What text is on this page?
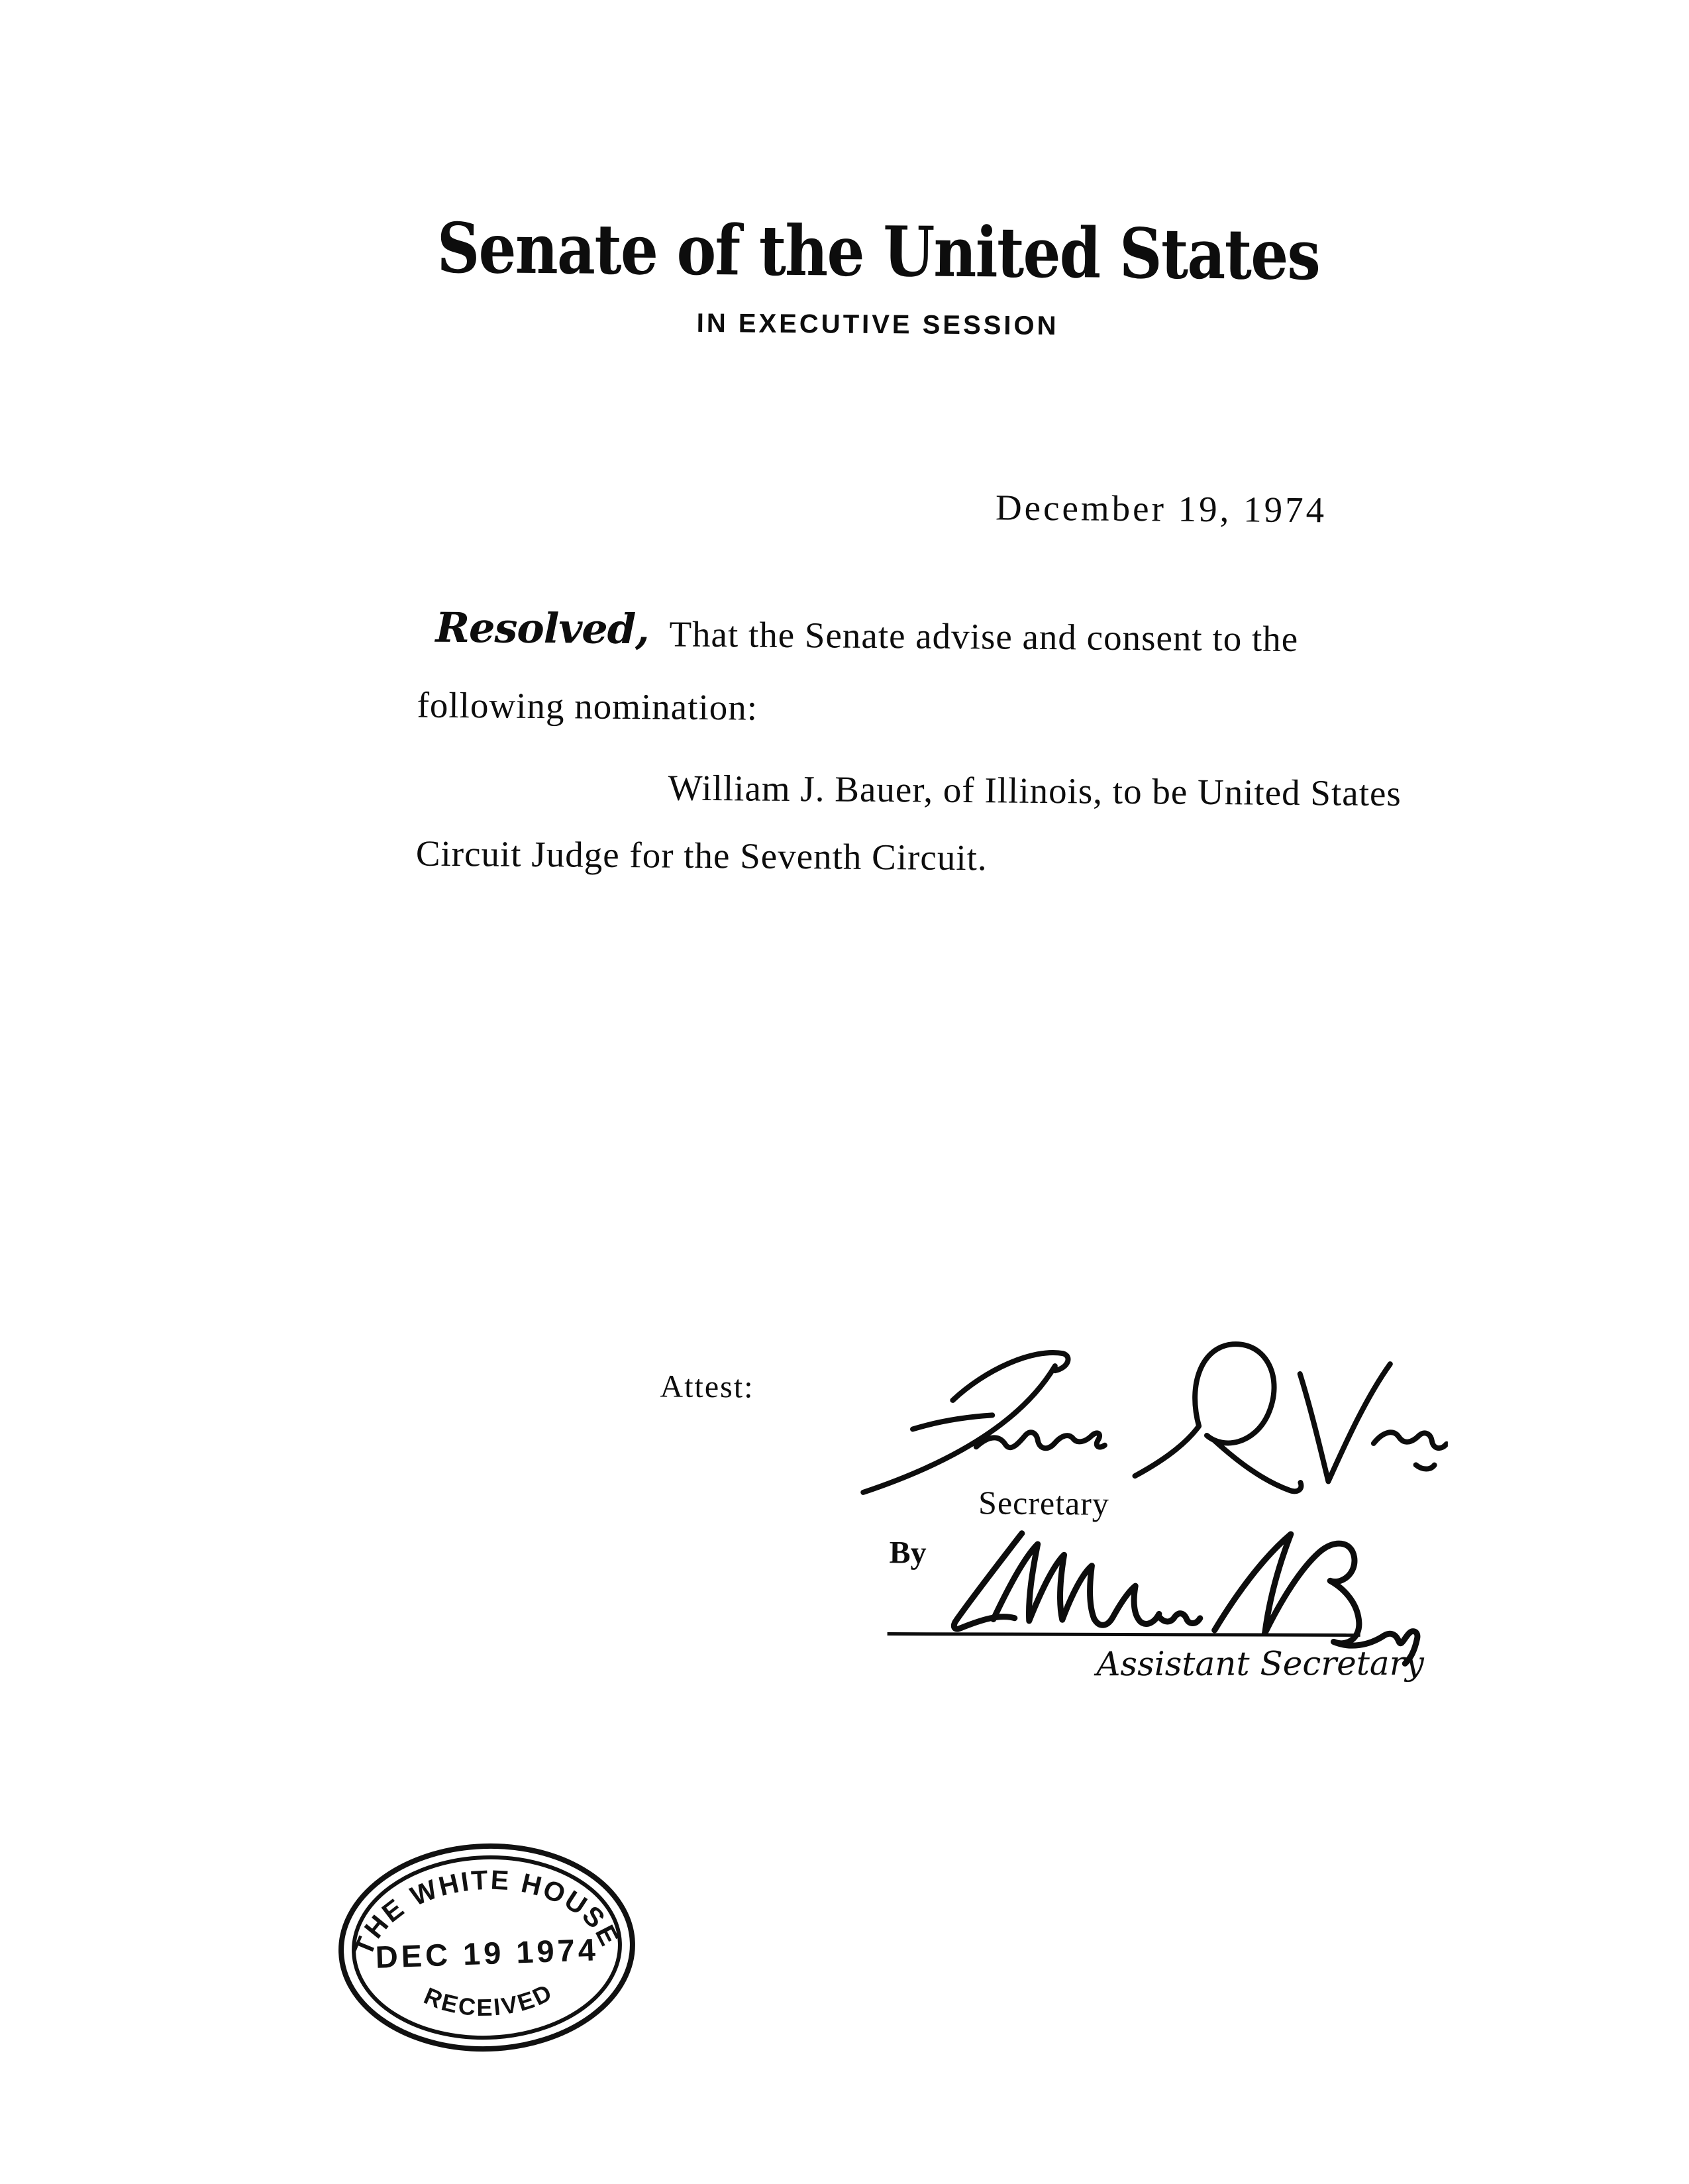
Senate of the United States
IN EXECUTIVE SESSION
December 19, 1974
Resolved, That the Senate advise and consent to the
following nomination:
William J. Bauer, of Illinois, to be United States
Circuit Judge for the Seventh Circuit.
Attest:
Secretary
By
Assistant Secretary
THE WHITE HOUSE
DEC 19 1974
RECEIVED
